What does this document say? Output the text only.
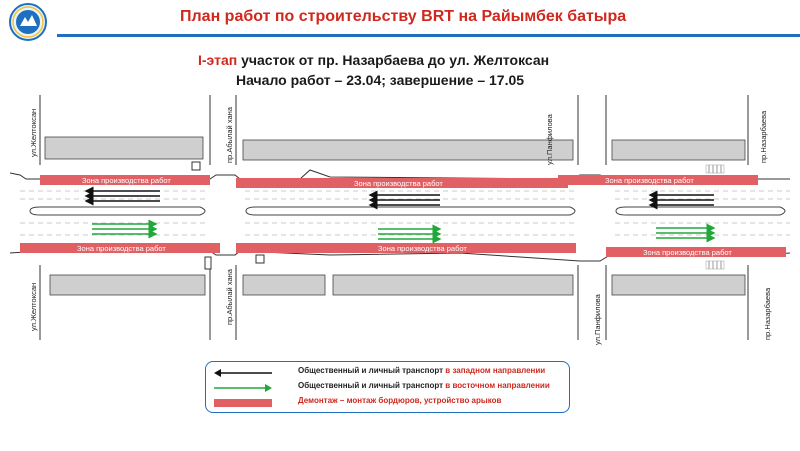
План работ по строительству BRT на Райымбек батыра
I-этап участок от пр. Назарбаева до ул. Желтоксан
Начало работ – 23.04; завершение – 17.05
Зона производства работ	Зона производства работ	Зона производства работ
Зона производства работ	Зона производства работ	Зона производства работ
ул.Желтоксан
ул.Желтоксан
пр.Абылай хана
пр.Абылай хана
ул.Панфилова
ул.Панфилова
пр.Назарбаева
пр.Назарбаева
Общественный и личный транспорт в западном направлении
Общественный и личный транспорт в восточном направлении
Демонтаж – монтаж бордюров, устройство арыков
